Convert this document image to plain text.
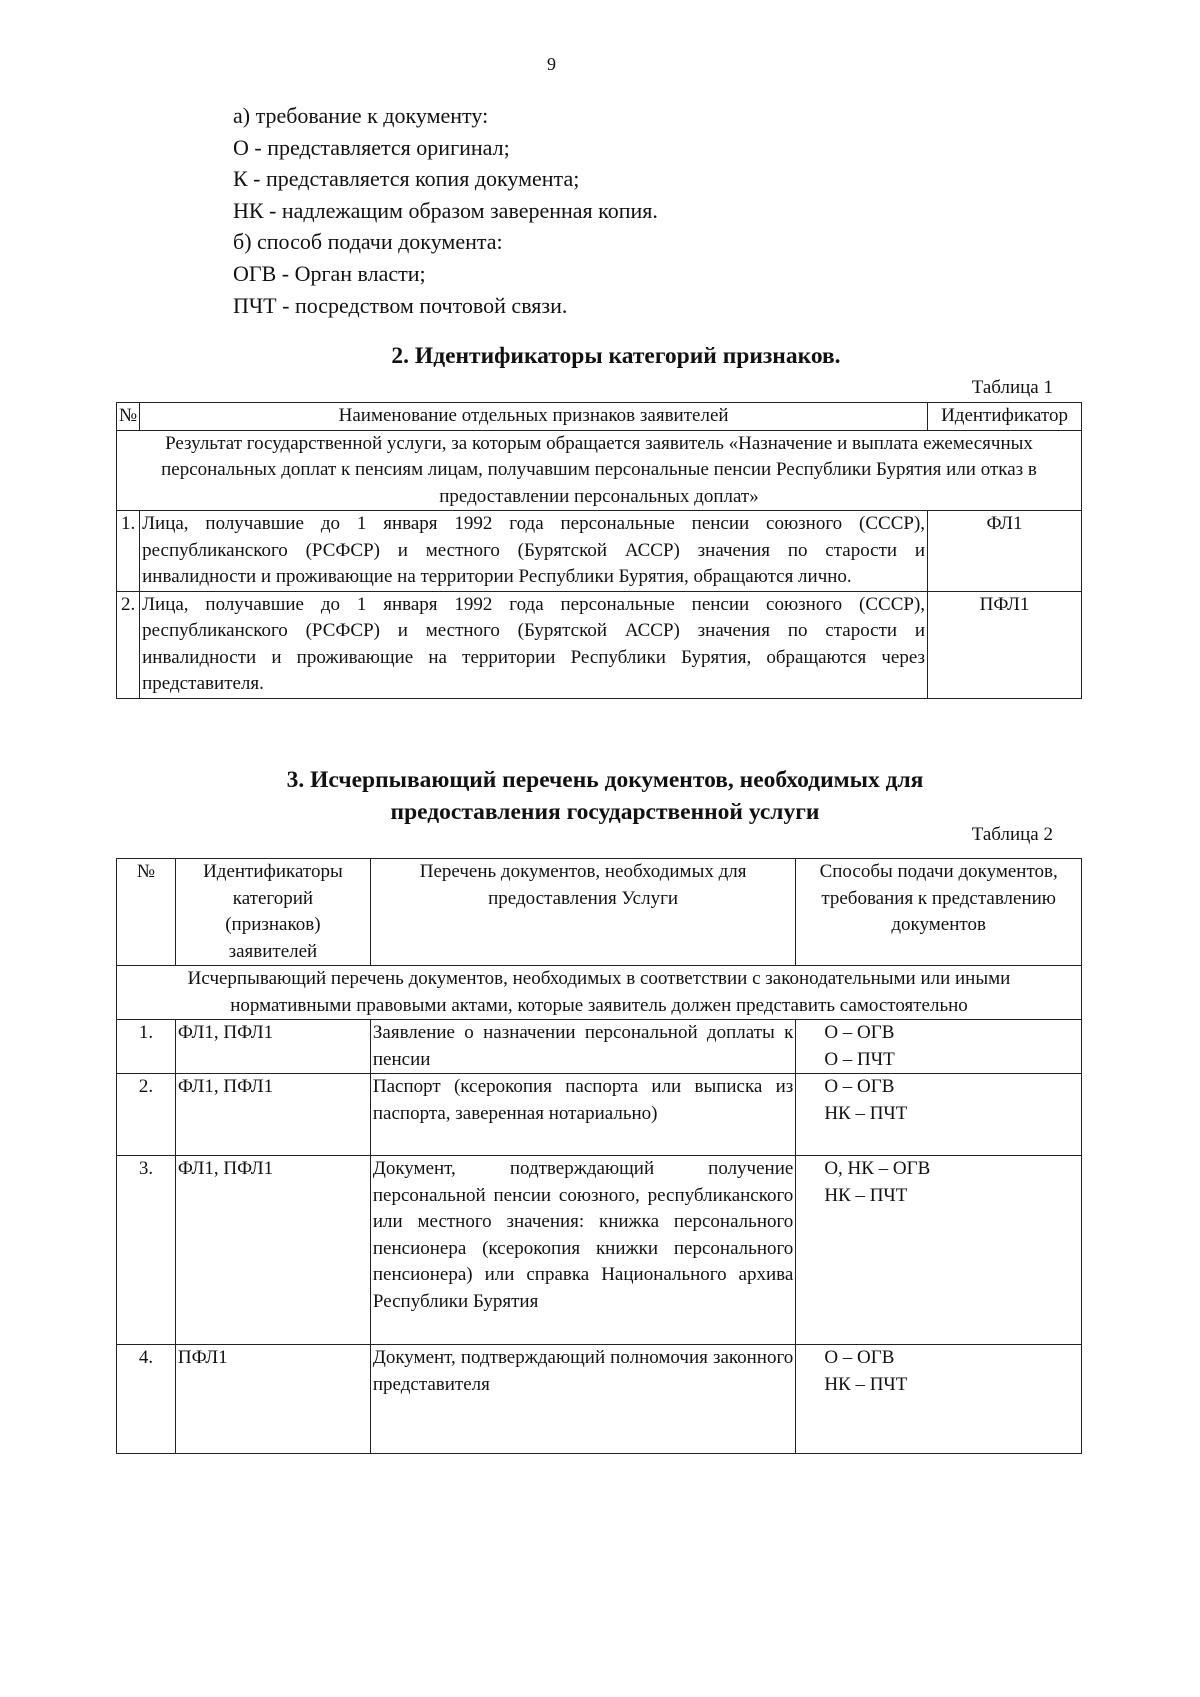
9
а) требование к документу:
О - представляется оригинал;
К - представляется копия документа;
НК - надлежащим образом заверенная копия.
б) способ подачи документа:
ОГВ - Орган власти;
ПЧТ - посредством почтовой связи.
2. Идентификаторы категорий признаков.
Таблица 1
№	Наименование отдельных признаков заявителей	Идентификатор
Результат государственной услуги, за которым обращается заявитель «Назначение и выплата ежемесячных персональных доплат к пенсиям лицам, получавшим персональные пенсии Республики Бурятия или отказ в предоставлении персональных доплат»		
1.	Лица, получавшие до 1 января 1992 года персональные пенсии союзного (СССР), республиканского (РСФСР) и местного (Бурятской АССР) значения по старости и инвалидности и проживающие на территории Республики Бурятия, обращаются лично.	ФЛ1
2.	Лица, получавшие до 1 января 1992 года персональные пенсии союзного (СССР), республиканского (РСФСР) и местного (Бурятской АССР) значения по старости и инвалидности и проживающие на территории Республики Бурятия, обращаются через представителя.	ПФЛ1
3. Исчерпывающий перечень документов, необходимых для
предоставления государственной услуги
Таблица 2
№	Идентификаторы категорий (признаков) заявителей	Перечень документов, необходимых для предоставления Услуги	Способы подачи документов, требования к представлению документов
Исчерпывающий перечень документов, необходимых в соответствии с законодательными или иными нормативными правовыми актами, которые заявитель должен представить самостоятельно			
1.	ФЛ1, ПФЛ1	Заявление о назначении персональной доплаты к пенсии	О – ОГВ
О – ПЧТ

2.	ФЛ1, ПФЛ1	Паспорт (ксерокопия паспорта или выписка из паспорта, заверенная нотариально)	О – ОГВ
НК – ПЧТ

3.	ФЛ1, ПФЛ1	Документ, подтверждающий получение персональной пенсии союзного, республиканского или местного значения: книжка персонального пенсионера (ксерокопия книжки персонального пенсионера) или справка Национального архива Республики Бурятия	О, НК – ОГВ
НК – ПЧТ

4.	ПФЛ1	Документ, подтверждающий полномочия законного представителя	О – ОГВ
НК – ПЧТ
